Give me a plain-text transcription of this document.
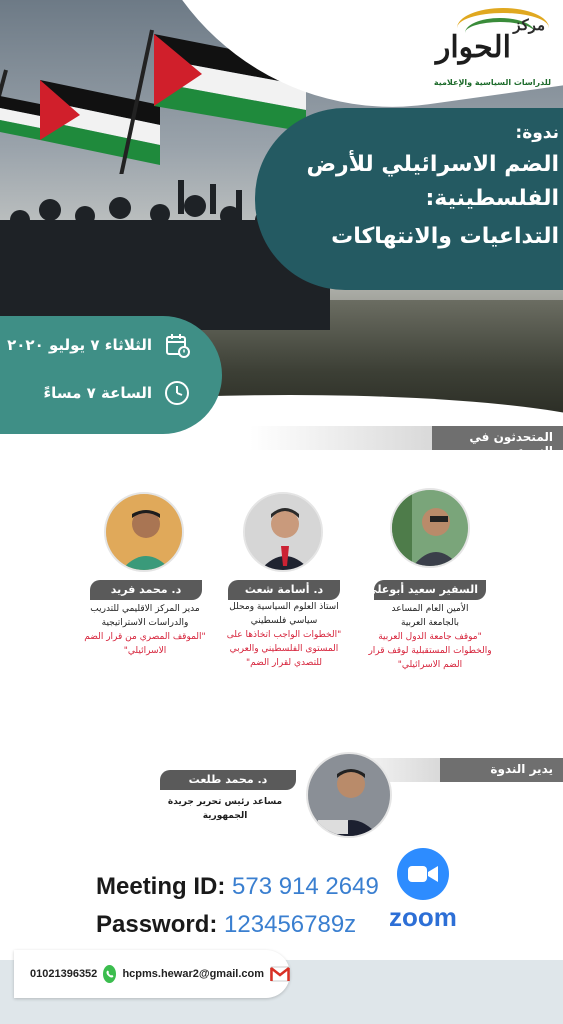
مركز
الحوار
للدراسات السياسية والإعلامية
ندوة:
الضم الاسرائيلي للأرض الفلسطينية:
التداعيات والانتهاكات
الثلاثاء ٧ يوليو ٢٠٢٠
الساعة ٧ مساءً
المتحدثون في الندوة
السفير سعيد أبوعلي
الأمين العام المساعد بالجامعة العربية
"موقف جامعة الدول العربية والخطوات المستقبلية لوقف قرار الضم الاسرائيلي"
د. أسامة شعث
استاذ العلوم السياسية ومحلل سياسي فلسطيني
"الخطوات الواجب اتخاذها على المستوى الفلسطيني والعربي للتصدي لقرار الضم"
د. محمد فريد
مدير المركز الاقليمي للتدريب والدراسات الاستراتيجية
"الموقف المصري من قرار الضم الاسرائيلي"
يدير الندوة
د. محمد طلعت
مساعد رئيس تحرير جريدة الجمهورية
Meeting ID: 573 914 2649
Password: 123456789z	zoom
01021396352 hcpms.hewar2@gmail.com
